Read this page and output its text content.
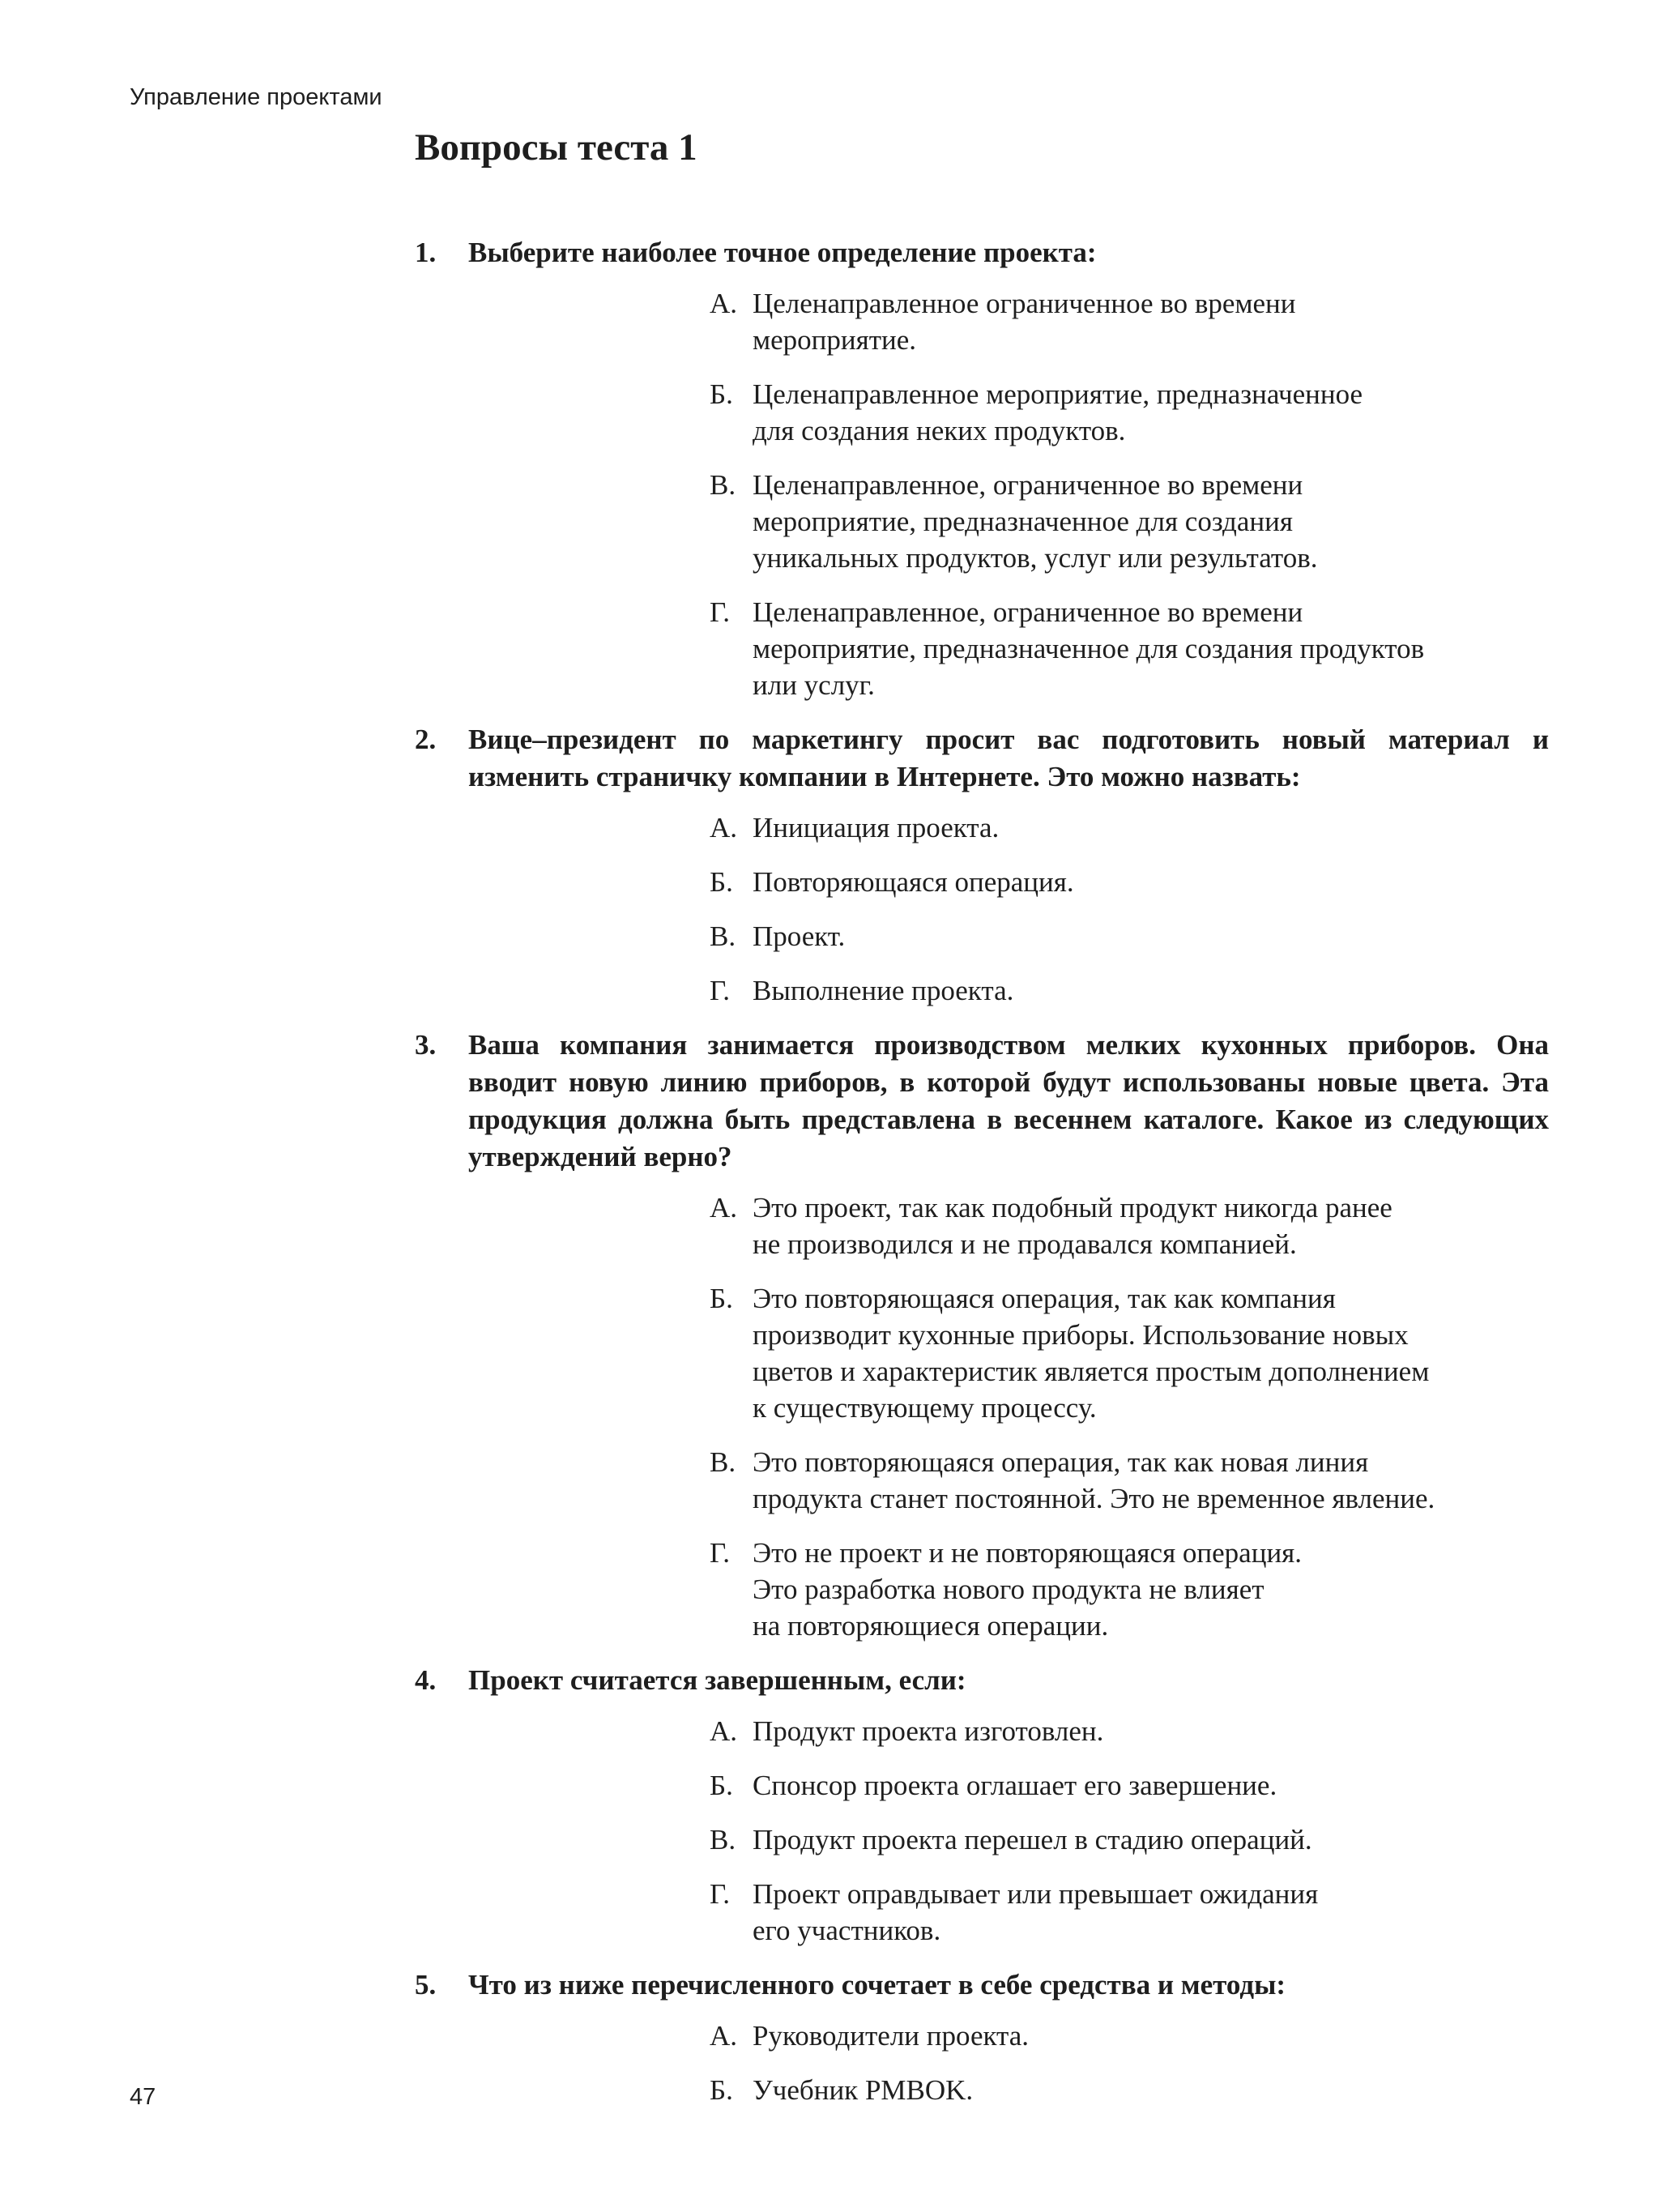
Управление проектами
Вопросы теста 1
1.	Выберите наиболее точное определение проекта:
А. Целенаправленное ограниченное во времени
мероприятие.
Б. Целенаправленное мероприятие, предназначенное
для создания неких продуктов.
В. Целенаправленное, ограниченное во времени
мероприятие, предназначенное для создания
уникальных продуктов, услуг или результатов.
Г. Целенаправленное, ограниченное во времени
мероприятие, предназначенное для создания продуктов
или услуг.
2.	Вице–президент по маркетингу просит вас подготовить новый материал и изменить страничку компании в Интернете. Это можно назвать:
А. Инициация проекта.
Б. Повторяющаяся операция.
В. Проект.
Г. Выполнение проекта.
3.	Ваша компания занимается производством мелких кухонных приборов. Она вводит новую линию приборов, в которой будут использованы новые цвета. Эта продукция должна быть представлена в весеннем каталоге. Какое из следующих утверждений верно?
А. Это проект, так как подобный продукт никогда ранее
не производился и не продавался компанией.
Б. Это повторяющаяся операция, так как компания
производит кухонные приборы. Использование новых
цветов и характеристик является простым дополнением
к существующему процессу.
В. Это повторяющаяся операция, так как новая линия
продукта станет постоянной. Это не временное явление.
Г. Это не проект и не повторяющаяся операция.
Это разработка нового продукта не влияет
на повторяющиеся операции.
4.	Проект считается завершенным, если:
А. Продукт проекта изготовлен.
Б. Спонсор проекта оглашает его завершение.
В. Продукт проекта перешел в стадию операций.
Г. Проект оправдывает или превышает ожидания
его участников.
5.	Что из ниже перечисленного сочетает в себе средства и методы:
А. Руководители проекта.
Б. Учебник PMBOK.
47
